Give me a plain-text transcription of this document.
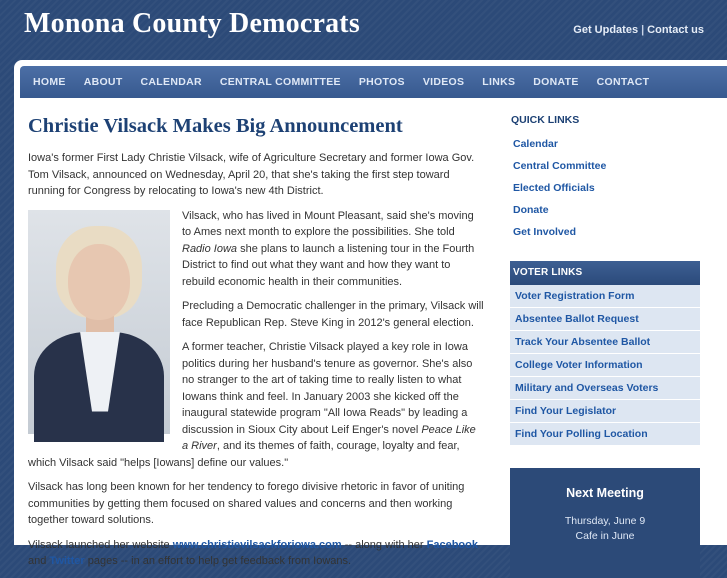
Monona County Democrats	Get Updates | Contact us
HOME	ABOUT	CALENDAR	CENTRAL COMMITTEE	PHOTOS	VIDEOS	LINKS	DONATE	CONTACT
Christie Vilsack Makes Big Announcement

Iowa's former First Lady Christie Vilsack, wife of Agriculture Secretary and former Iowa Gov. Tom Vilsack, announced on Wednesday, April 20, that she's taking the first step toward running for Congress by relocating to Iowa's new 4th District.

Vilsack, who has lived in Mount Pleasant, said she's moving to Ames next month to explore the possibilities. She told Radio Iowa she plans to launch a listening tour in the Fourth District to find out what they want and how they want to rebuild economic health in their communities.

Precluding a Democratic challenger in the primary, Vilsack will face Republican Rep. Steve King in 2012's general election.

A former teacher, Christie Vilsack played a key role in Iowa politics during her husband's tenure as governor. She's also no stranger to the art of taking time to really listen to what Iowans think and feel. In January 2003 she kicked off the inaugural statewide program "All Iowa Reads" by leading a discussion in Sioux City about Leif Enger's novel Peace Like a River, and its themes of faith, courage, loyalty and fear, which Vilsack said "helps [Iowans] define our values."

Vilsack has long been known for her tendency to forego divisive rhetoric in favor of uniting communities by getting them focused on shared values and concerns and then working together toward solutions.

Vilsack launched her website www.christievilsackforiowa.com -- along with her Facebook and Twitter pages -- in an effort to help get feedback from Iowans.

QUICK LINKS
Calendar
Central Committee
Elected Officials
Donate
Get Involved
VOTER LINKS
Voter Registration Form
Absentee Ballot Request
Track Your Absentee Ballot
College Voter Information
Military and Overseas Voters
Find Your Legislator
Find Your Polling Location
Next Meeting
Thursday, June 9
Cafe in June
